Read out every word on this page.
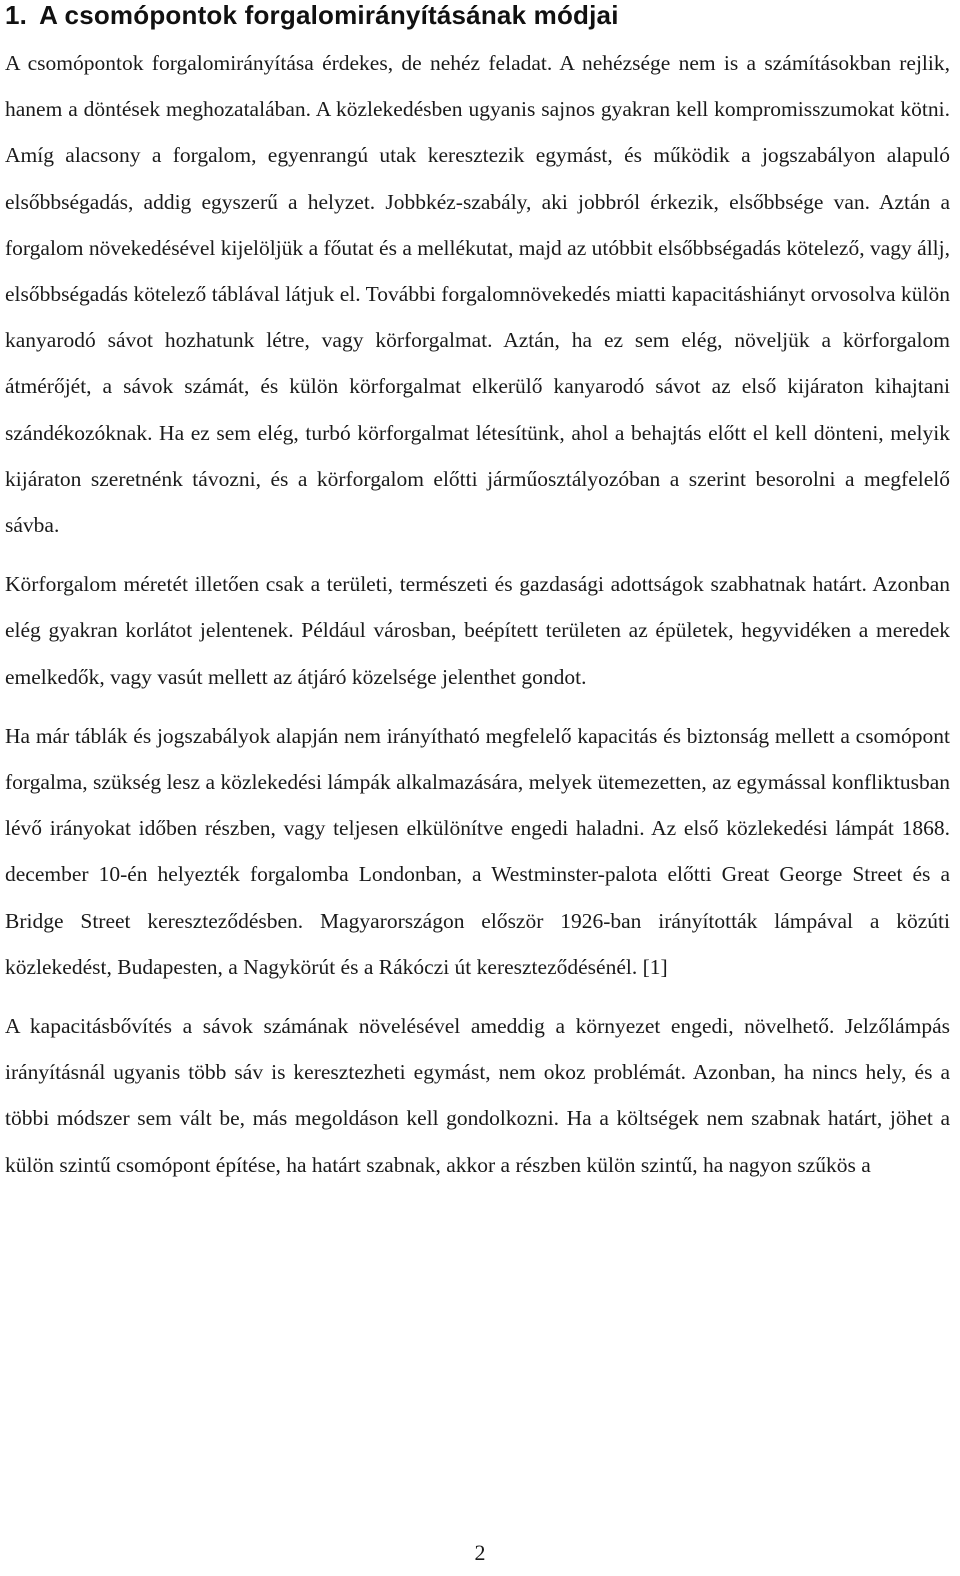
1. A csomópontok forgalomirányításának módjai

A csomópontok forgalomirányítása érdekes, de nehéz feladat. A nehézsége nem is a számításokban rejlik, hanem a döntések meghozatalában. A közlekedésben ugyanis sajnos gyakran kell kompromisszumokat kötni. Amíg alacsony a forgalom, egyenrangú utak keresztezik egymást, és működik a jogszabályon alapuló elsőbbségadás, addig egyszerű a helyzet. Jobbkéz-szabály, aki jobbról érkezik, elsőbbsége van. Aztán a forgalom növekedésével kijelöljük a főutat és a mellékutat, majd az utóbbit elsőbbségadás kötelező, vagy állj, elsőbbségadás kötelező táblával látjuk el. További forgalomnövekedés miatti kapacitáshiányt orvosolva külön kanyarodó sávot hozhatunk létre, vagy körforgalmat. Aztán, ha ez sem elég, növeljük a körforgalom átmérőjét, a sávok számát, és külön körforgalmat elkerülő kanyarodó sávot az első kijáraton kihajtani szándékozóknak. Ha ez sem elég, turbó körforgalmat létesítünk, ahol a behajtás előtt el kell dönteni, melyik kijáraton szeretnénk távozni, és a körforgalom előtti járműosztályozóban a szerint besorolni a megfelelő sávba.

Körforgalom méretét illetően csak a területi, természeti és gazdasági adottságok szabhatnak határt. Azonban elég gyakran korlátot jelentenek. Például városban, beépített területen az épületek, hegyvidéken a meredek emelkedők, vagy vasút mellett az átjáró közelsége jelenthet gondot.

Ha már táblák és jogszabályok alapján nem irányítható megfelelő kapacitás és biztonság mellett a csomópont forgalma, szükség lesz a közlekedési lámpák alkalmazására, melyek ütemezetten, az egymással konfliktusban lévő irányokat időben részben, vagy teljesen elkülönítve engedi haladni. Az első közlekedési lámpát 1868. december 10-én helyezték forgalomba Londonban, a Westminster-palota előtti Great George Street és a Bridge Street kereszteződésben. Magyarországon először 1926-ban irányították lámpával a közúti közlekedést, Budapesten, a Nagykörút és a Rákóczi út kereszteződésénél. [1]

A kapacitásbővítés a sávok számának növelésével ameddig a környezet engedi, növelhető. Jelzőlámpás irányításnál ugyanis több sáv is keresztezheti egymást, nem okoz problémát. Azonban, ha nincs hely, és a többi módszer sem vált be, más megoldáson kell gondolkozni. Ha a költségek nem szabnak határt, jöhet a külön szintű csomópont építése, ha határt szabnak, akkor a részben külön szintű, ha nagyon szűkös a

2
